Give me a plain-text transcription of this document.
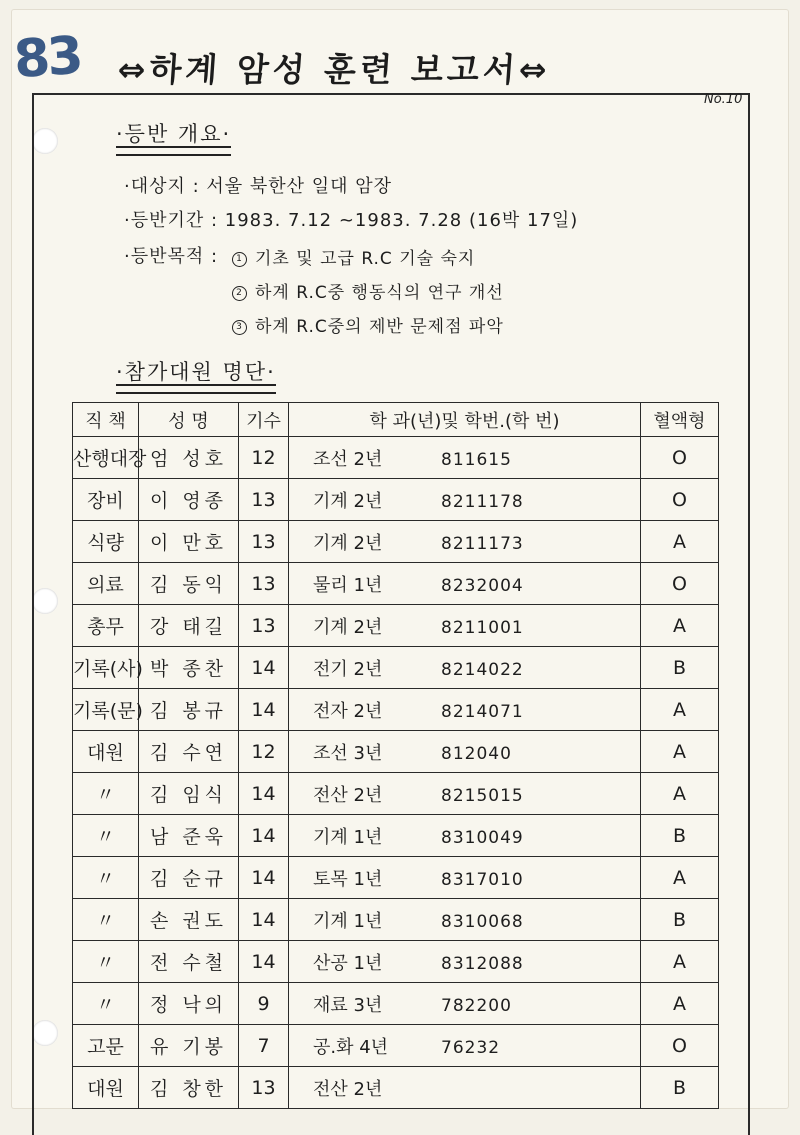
83 ⇔하계 암성 훈련 보고서⇔
No.10
·등반 개요·
·대상지 : 서울 북한산 일대 암장
·등반기간 : 1983. 7.12 ~1983. 7.28 (16박 17일)
·등반목적 :	1 기초 및 고급 R.C 기술 숙지
2 하계 R.C중 행동식의 연구 개선
3 하계 R.C중의 제반 문제점 파악
·참가대원 명단·
직 책	성 명	기수	학 과(년)및 학번.(학 번)	혈액형
산행대장	엄 성호	12	조선 2년 811615	O
장비	이 영종	13	기계 2년 8211178	O
식량	이 만호	13	기계 2년 8211173	A
의료	김 동익	13	물리 1년 8232004	O
총무	강 태길	13	기계 2년 8211001	A
기록(사)	박 종찬	14	전기 2년 8214022	B
기록(문)	김 봉규	14	전자 2년 8214071	A
대원	김 수연	12	조선 3년 812040	A
〃	김 임식	14	전산 2년 8215015	A
〃	남 준욱	14	기계 1년 8310049	B
〃	김 순규	14	토목 1년 8317010	A
〃	손 권도	14	기계 1년 8310068	B
〃	전 수철	14	산공 1년 8312088	A
〃	정 낙의	9	재료 3년 782200	A
고문	유 기봉	7	공.화 4년 76232	O
대원	김 창한	13	전산 2년	B
